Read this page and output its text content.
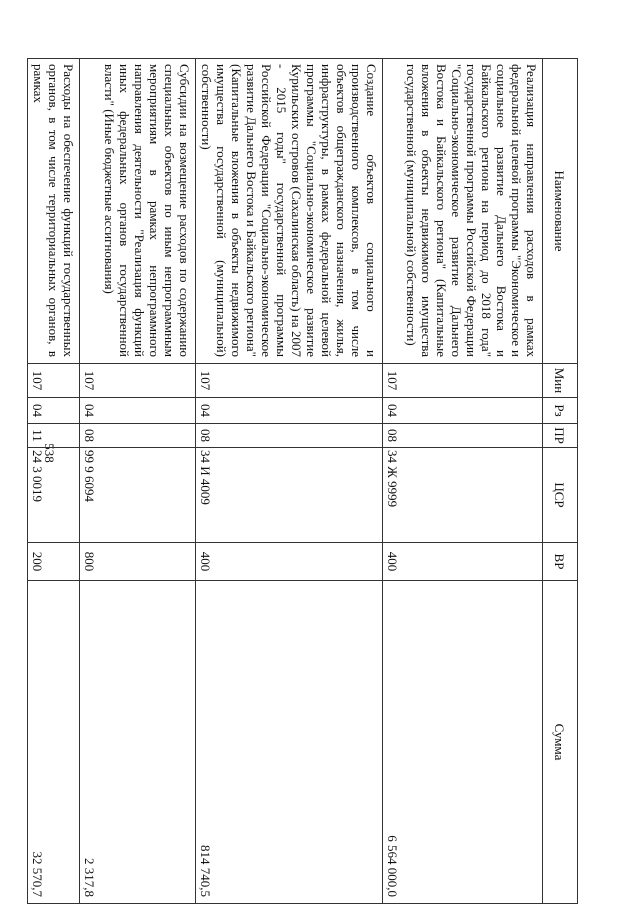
538
Наименование	Мин	Рз	ПР	ЦСР	ВР	Сумма
Реализация направления расходов в рамках федеральной целевой программы "Экономическое и социальное развитие Дальнего Востока и Байкальского региона на период до 2018 года" государственной программы Российской Федерации "Социально-экономическое развитие Дальнего Востока и Байкальского региона" (Капитальные вложения в объекты недвижимого имущества государственной (муниципальной) собственности)	107	04	08	34 Ж 9999	400	6 564 000,0
Создание объектов социального и производственного комплексов, в том числе объектов общегражданского назначения, жилья, инфраструктуры, в рамках федеральной целевой программы "Социально-экономическое развитие Курильских островов (Сахалинская область) на 2007 - 2015 годы" государственной программы Российской Федерации "Социально-экономическое развитие Дальнего Востока и Байкальского региона" (Капитальные вложения в объекты недвижимого имущества государственной (муниципальной) собственности)	107	04	08	34 И 4009	400	814 740,5
Субсидии на возмещение расходов по содержанию специальных объектов по иным непрограммным мероприятиям в рамках непрограммного направления деятельности "Реализация функций иных федеральных органов государственной власти" (Иные бюджетные ассигнования)	107	04	08	99 9 6094	800	2 317,8
Расходы на обеспечение функций государственных органов, в том числе территориальных органов, в рамках	107	04	11	24 3 0019	200	32 570,7
